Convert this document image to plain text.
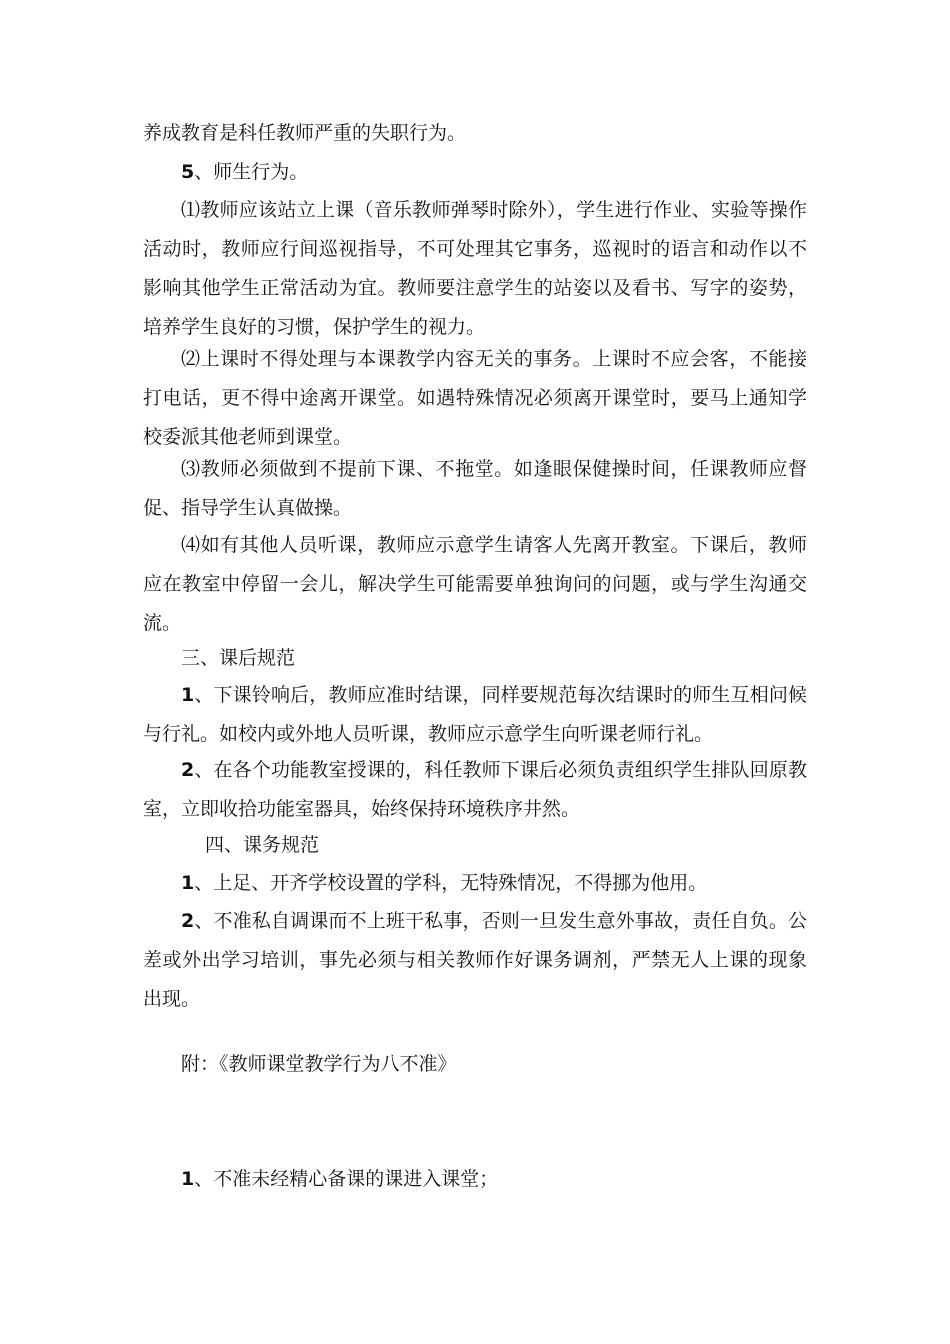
养成教育是科任教师严重的失职行为。

5、师生行为。

⑴教师应该站立上课（音乐教师弹琴时除外），学生进行作业、实验等操作活动时，教师应行间巡视指导，不可处理其它事务，巡视时的语言和动作以不影响其他学生正常活动为宜。教师要注意学生的站姿以及看书、写字的姿势，培养学生良好的习惯，保护学生的视力。

⑵上课时不得处理与本课教学内容无关的事务。上课时不应会客，不能接打电话，更不得中途离开课堂。如遇特殊情况必须离开课堂时，要马上通知学校委派其他老师到课堂。

⑶教师必须做到不提前下课、不拖堂。如逢眼保健操时间，任课教师应督促、指导学生认真做操。

⑷如有其他人员听课，教师应示意学生请客人先离开教室。下课后，教师应在教室中停留一会儿，解决学生可能需要单独询问的问题，或与学生沟通交流。

三、课后规范

1、下课铃响后，教师应准时结课，同样要规范每次结课时的师生互相问候与行礼。如校内或外地人员听课，教师应示意学生向听课老师行礼。

2、在各个功能教室授课的，科任教师下课后必须负责组织学生排队回原教室，立即收拾功能室器具，始终保持环境秩序井然。

四、课务规范

1、上足、开齐学校设置的学科，无特殊情况，不得挪为他用。

2、不准私自调课而不上班干私事，否则一旦发生意外事故，责任自负。公差或外出学习培训，事先必须与相关教师作好课务调剂，严禁无人上课的现象出现。

附：《教师课堂教学行为八不准》

1、不准未经精心备课的课进入课堂；
